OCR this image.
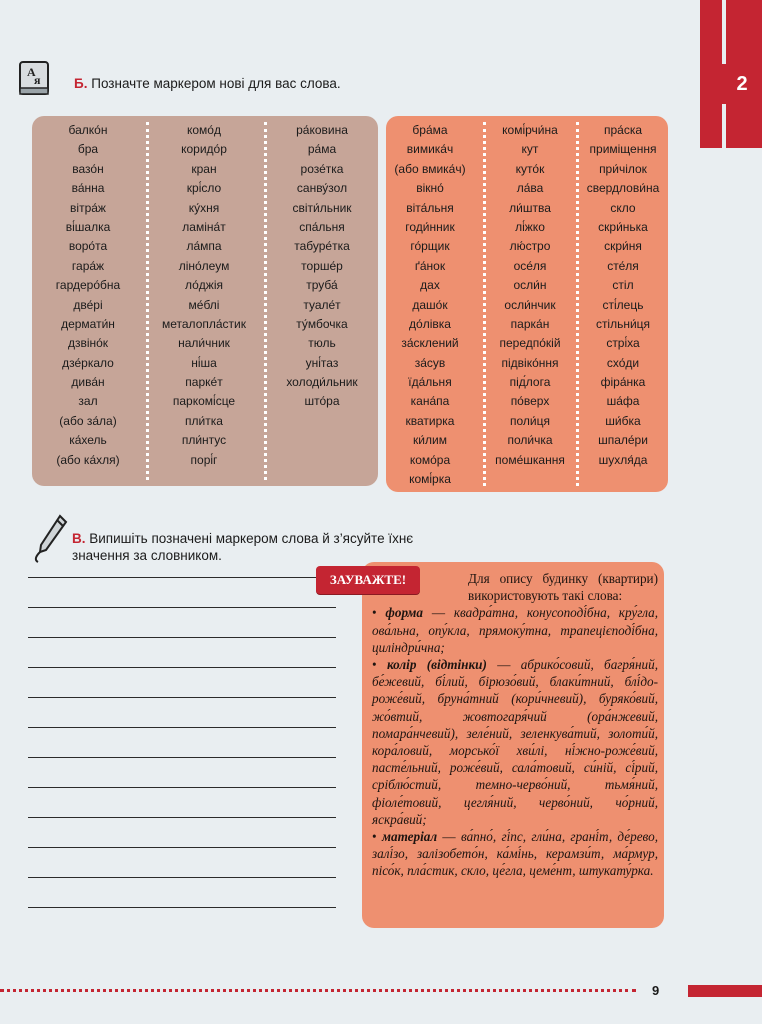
2
А
я Б. Позначте маркером нові для вас слова.
балко́н
бра
вазо́н
ва́нна
вітра́ж
ві́шалка
воро́та
гара́ж
гардеро́бна
две́рі
дермати́н
дзвіно́к
дзе́ркало
дива́н
зал
(або за́ла)
ка́хель
(або ка́хля)
комо́д
коридо́р
кран
крі́сло
ку́хня
ламіна́т
ла́мпа
ліно́леум
ло́джія
ме́блі
металопла́стик
нали́чник
ні́ша
парке́т
паркомі́сце
пли́тка
пли́нтус
порі́г
ра́ковина
ра́ма
розе́тка
санву́зол
світи́льник
спа́льня
табуре́тка
торше́р
труба́
туале́т
ту́мбочка
тюль
уні́таз
холоди́льник
што́ра
бра́ма
вимика́ч
(або вмика́ч)
вікно́
віта́льня
годи́нник
го́рщик
ґа́нок
дах
дашо́к
до́лівка
за́склений
за́сув
їда́льня
кана́па
кватирка
ки́лим
комо́ра
комі́рка
комі́рчи́на
кут
куто́к
ла́ва
ли́штва
лі́жко
лю́стро
осе́ля
осли́н
осли́нчик
парка́н
передпо́кій
підвіко́ння
під́лога
по́верх
поли́ця
поли́чка
поме́шкання
пра́ска
приміщення
при́чілок
свердлови́на
скло
скри́нька
скри́ня
сте́ля
стіл
сті́лець
стільни́ця
стрі́ха
схо́ди
фіра́нка
ша́фа
ши́бка
шпале́ри
шухля́да
В. Випишіть позначені маркером слова й з’ясуйте їхнє значення за словником.
ЗАУВАЖТЕ!	Для опису будинку (квартири) використовують такі слова:

• форма — квадра́тна, конусоподі́бна, кру́гла, ова́льна, опу́кла, прямоку́тна, трапецієподі́бна, циліндри́чна;

• колір (відтінки) — абрико́совий, багря́ний, бе́жевий, бі́лий, бірюзо́вий, блаки́тний, блі́до-роже́вий, бруна́тний (кори́чневий), буряко́вий, жо́втий, жовтогаря́чий (ора́нжевий, помара́нчевий), зеле́ний, зеленкува́тий, золоти́й, кора́ловий, морсько́ї хви́лі, ні́жно-роже́вий, пасте́льний, роже́вий, сала́товий, си́ній, сі́рий, сріблю́стий, темно-черво́ний, тьмя́ний, фіоле́товий, цегля́ний, черво́ний, чо́рний, яскра́вий;

• матеріал — ва́пно́, гі́пс, гли́на, грані́т, де́рево, залі́зо, залізобето́н, ка́мі́нь, керамзи́т, ма́рмур, пісо́к, пла́стик, скло, це́гла, цеме́нт, штукату́рка.

9
